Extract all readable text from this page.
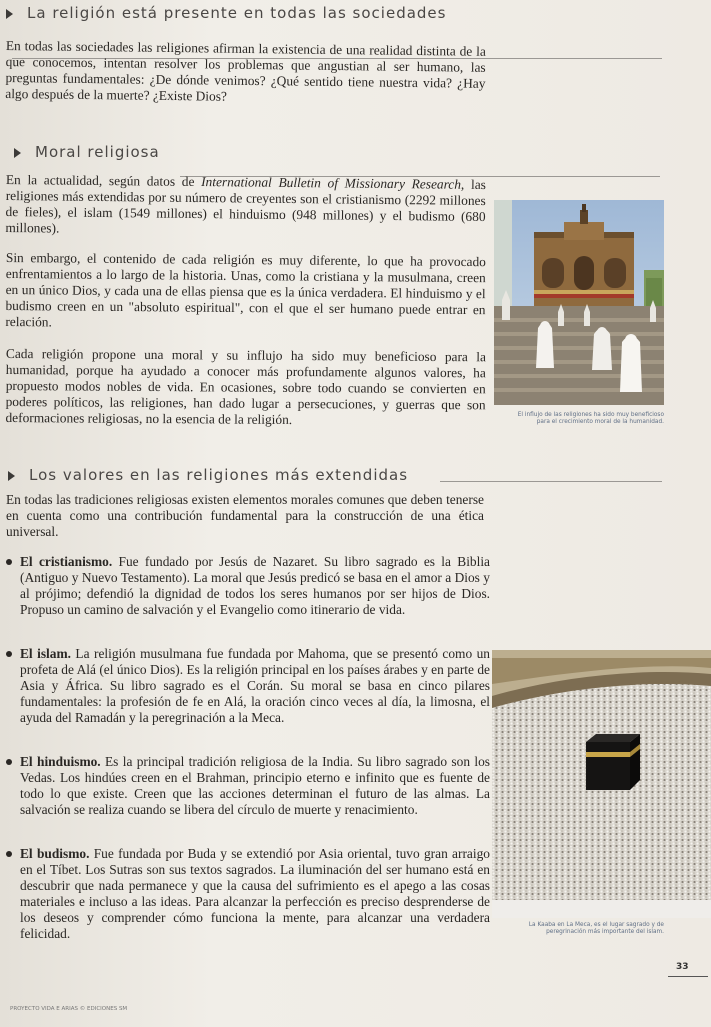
La religión está presente en todas las sociedades
En todas las sociedades las religiones afirman la existencia de una realidad distinta de la que conocemos, intentan resolver los problemas que angustian al ser humano, las preguntas fundamentales: ¿De dónde venimos? ¿Qué sentido tiene nuestra vida? ¿Hay algo después de la muerte? ¿Existe Dios?
Moral religiosa
En la actualidad, según datos de International Bulletin of Missionary Research, las religiones más extendidas por su número de creyentes son el cristianismo (2292 millones de fieles), el islam (1549 millones) el hinduismo (948 millones) y el budismo (680 millones).
Sin embargo, el contenido de cada religión es muy diferente, lo que ha provocado enfrentamientos a lo largo de la historia. Unas, como la cristiana y la musulmana, creen en un único Dios, y cada una de ellas piensa que es la única verdadera. El hinduismo y el budismo creen en un "absoluto espiritual", con el que el ser humano puede entrar en relación.
Cada religión propone una moral y su influjo ha sido muy beneficioso para la humanidad, porque ha ayudado a conocer más profundamente algunos valores, ha propuesto modos nobles de vida. En ocasiones, sobre todo cuando se convierten en poderes políticos, las religiones, han dado lugar a persecuciones, y guerras que son deformaciones religiosas, no la esencia de la religión.	El influjo de las religiones ha sido muy beneficioso para el crecimiento moral de la humanidad.
Los valores en las religiones más extendidas
En todas las tradiciones religiosas existen elementos morales comunes que deben tenerse en cuenta como una contribución fundamental para la construcción de una ética universal.
El cristianismo. Fue fundado por Jesús de Nazaret. Su libro sagrado es la Biblia (Antiguo y Nuevo Testamento). La moral que Jesús predicó se basa en el amor a Dios y al prójimo; defendió la dignidad de todos los seres humanos por ser hijos de Dios. Propuso un camino de salvación y el Evangelio como itinerario de vida.
El islam. La religión musulmana fue fundada por Mahoma, que se presentó como un profeta de Alá (el único Dios). Es la religión principal en los países árabes y en parte de Asia y África. Su libro sagrado es el Corán. Su moral se basa en cinco pilares fundamentales: la profesión de fe en Alá, la oración cinco veces al día, la limosna, el ayuda del Ramadán y la peregrinación a la Meca.
El hinduismo. Es la principal tradición religiosa de la India. Su libro sagrado son los Vedas. Los hindúes creen en el Brahman, principio eterno e infinito que es fuente de todo lo que existe. Creen que las acciones determinan el futuro de las almas. La salvación se realiza cuando se libera del círculo de muerte y renacimiento.
El budismo. Fue fundada por Buda y se extendió por Asia oriental, tuvo gran arraigo en el Tíbet. Los Sutras son sus textos sagrados. La iluminación del ser humano está en descubrir que nada permanece y que la causa del sufrimiento es el apego a las cosas materiales e incluso a las ideas. Para alcanzar la perfección es preciso desprenderse de los deseos y comprender cómo funciona la mente, para alcanzar una verdadera felicidad.
La Kaaba en La Meca, es el lugar sagrado y de peregrinación más importante del islam.
33
PROYECTO VIDA E ARIAS © EDICIONES SM
